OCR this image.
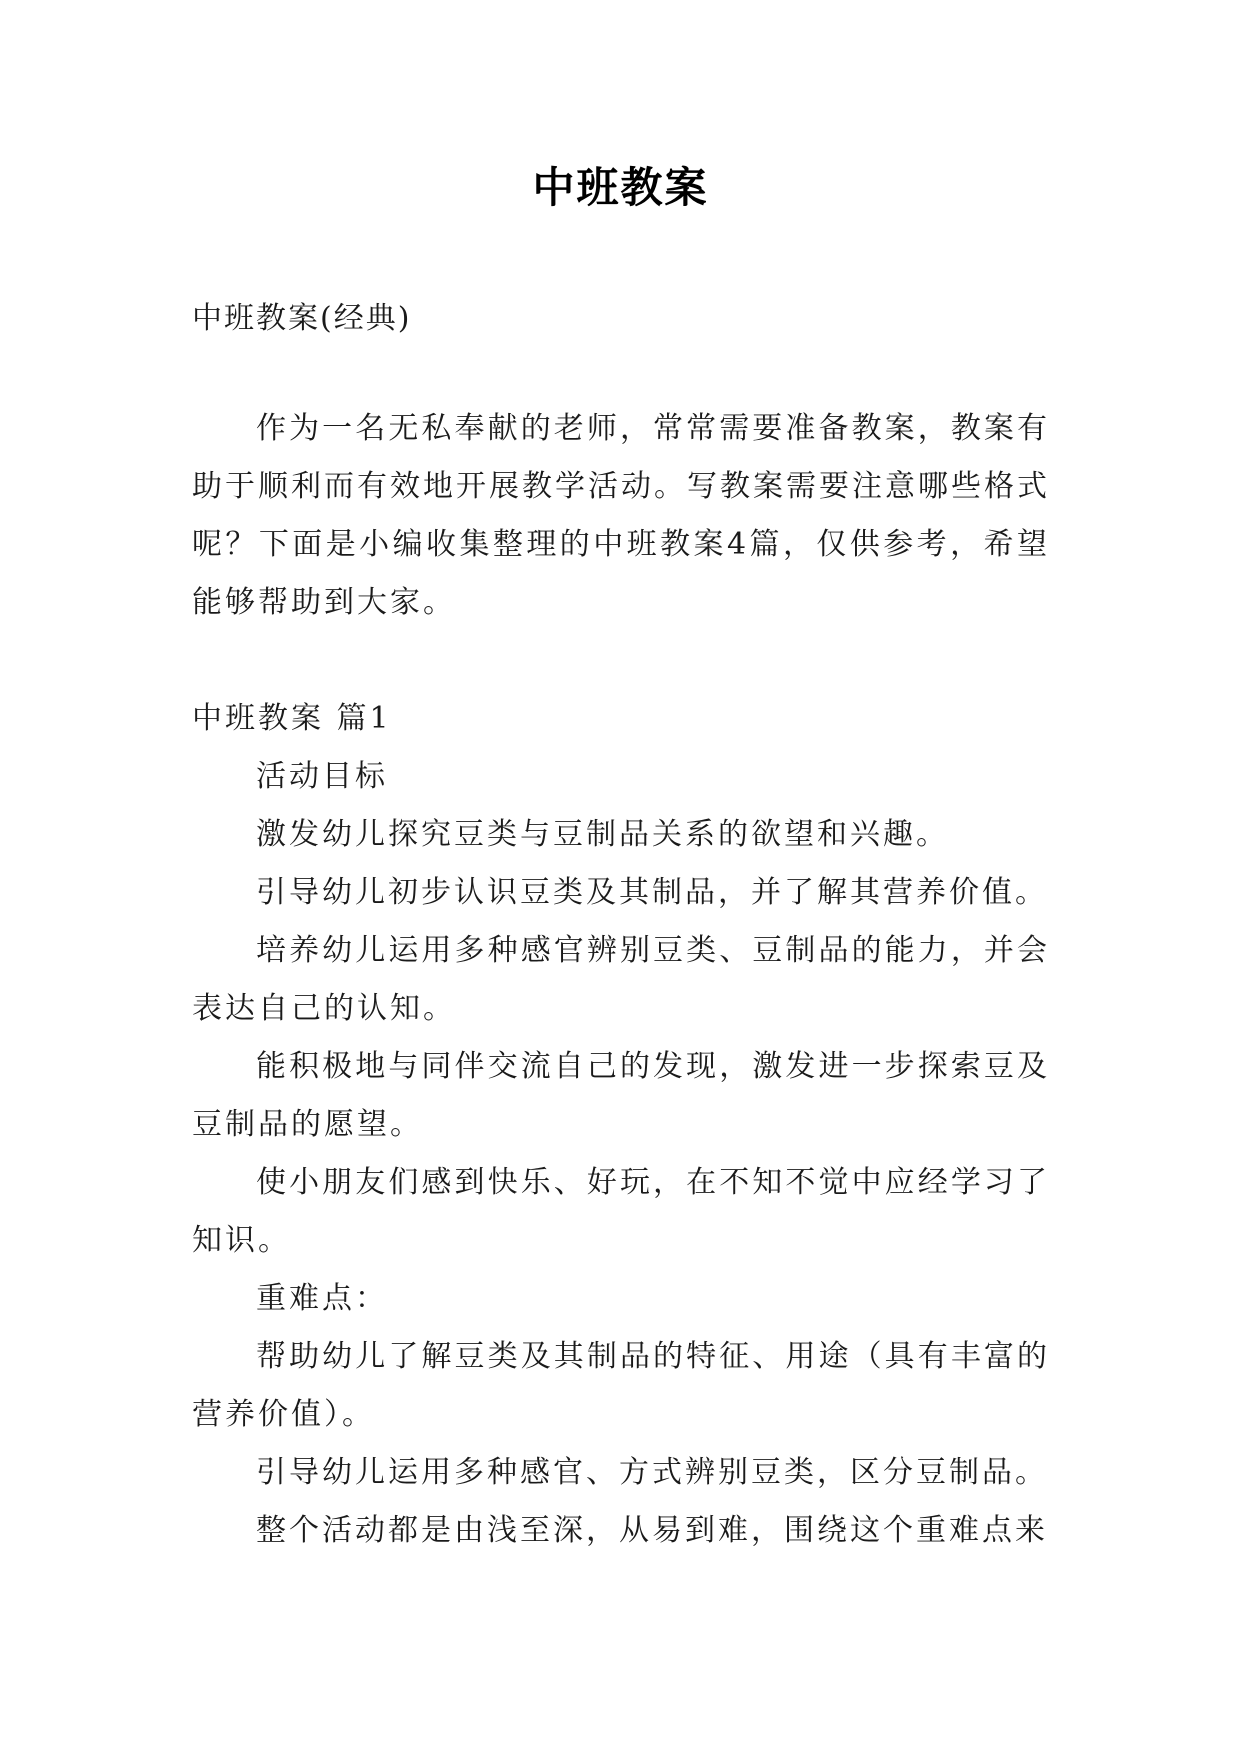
中班教案

中班教案(经典)

作为一名无私奉献的老师，常常需要准备教案，教案有助于顺利而有效地开展教学活动。写教案需要注意哪些格式呢？下面是小编收集整理的中班教案4篇，仅供参考，希望能够帮助到大家。

中班教案 篇1

活动目标

激发幼儿探究豆类与豆制品关系的欲望和兴趣。

引导幼儿初步认识豆类及其制品，并了解其营养价值。

培养幼儿运用多种感官辨别豆类、豆制品的能力，并会表达自己的认知。

能积极地与同伴交流自己的发现，激发进一步探索豆及豆制品的愿望。

使小朋友们感到快乐、好玩，在不知不觉中应经学习了知识。

重难点：

帮助幼儿了解豆类及其制品的特征、用途（具有丰富的营养价值）。

引导幼儿运用多种感官、方式辨别豆类，区分豆制品。

整个活动都是由浅至深，从易到难，围绕这个重难点来
